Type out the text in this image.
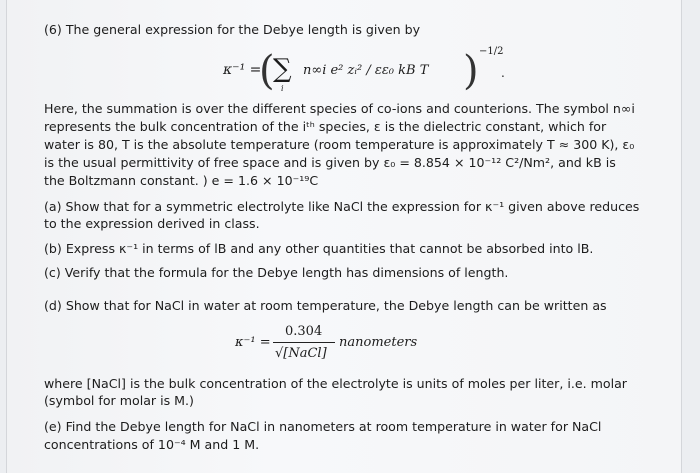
(6) The general expression for the Debye length is given by
κ⁻¹ =
(
∑
i
n∞i e² zᵢ² / εε₀ kB T ) −1/2
.
Here, the summation is over the different species of co-ions and counterions. The symbol n∞i
represents the bulk concentration of the iᵗʰ species, ε is the dielectric constant, which for
water is 80, T is the absolute temperature (room temperature is approximately T ≈ 300 K), ε₀
is the usual permittivity of free space and is given by ε₀ = 8.854 × 10⁻¹² C²/Nm², and kB is
the Boltzmann constant. ) e = 1.6 × 10⁻¹⁹C
(a) Show that for a symmetric electrolyte like NaCl the expression for κ⁻¹ given above reduces
to the expression derived in class.
(b) Express κ⁻¹ in terms of lB and any other quantities that cannot be absorbed into lB.
(c) Verify that the formula for the Debye length has dimensions of length.
(d) Show that for NaCl in water at room temperature, the Debye length can be written as
κ⁻¹ =
0.304
√[NaCl]
nanometers
where [NaCl] is the bulk concentration of the electrolyte is units of moles per liter, i.e. molar
(symbol for molar is M.)
(e) Find the Debye length for NaCl in nanometers at room temperature in water for NaCl
concentrations of 10⁻⁴ M and 1 M.
